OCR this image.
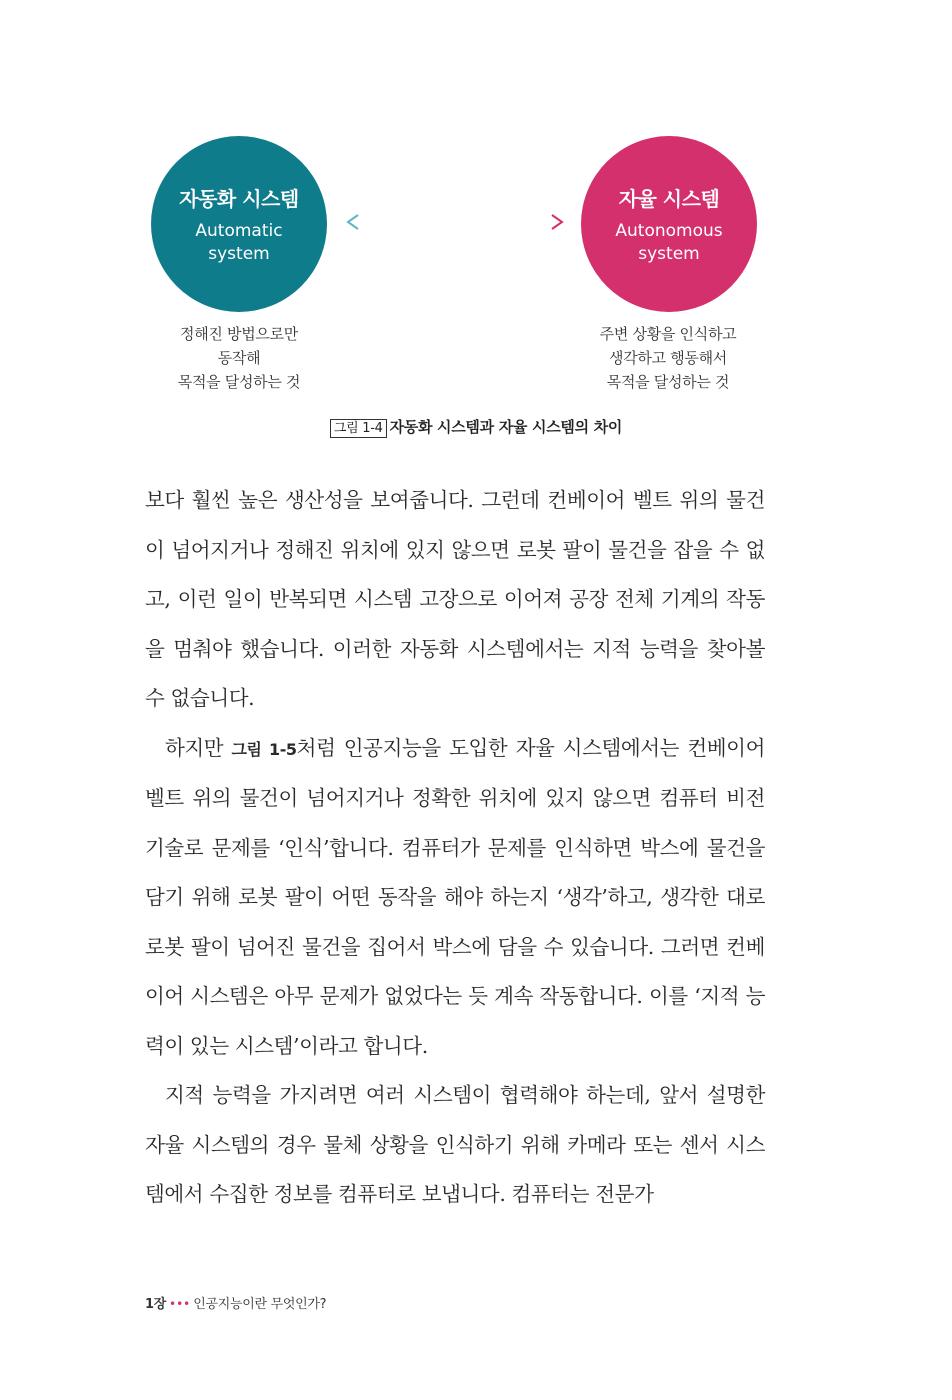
자동화 시스템
Automatic
system
자율 시스템
Autonomous
system
정해진 방법으로만
동작해
목적을 달성하는 것
주변 상황을 인식하고
생각하고 행동해서
목적을 달성하는 것
그림 1-4 자동화 시스템과 자율 시스템의 차이

보다 훨씬 높은 생산성을 보여줍니다. 그런데 컨베이어 벨트 위의 물건이 넘어지거나 정해진 위치에 있지 않으면 로봇 팔이 물건을 잡을 수 없고, 이런 일이 반복되면 시스템 고장으로 이어져 공장 전체 기계의 작동을 멈춰야 했습니다. 이러한 자동화 시스템에서는 지적 능력을 찾아볼 수 없습니다.

하지만 그림 1-5처럼 인공지능을 도입한 자율 시스템에서는 컨베이어 벨트 위의 물건이 넘어지거나 정확한 위치에 있지 않으면 컴퓨터 비전 기술로 문제를 ‘인식’합니다. 컴퓨터가 문제를 인식하면 박스에 물건을 담기 위해 로봇 팔이 어떤 동작을 해야 하는지 ‘생각’하고, 생각한 대로 로봇 팔이 넘어진 물건을 집어서 박스에 담을 수 있습니다. 그러면 컨베이어 시스템은 아무 문제가 없었다는 듯 계속 작동합니다. 이를 ‘지적 능력이 있는 시스템’이라고 합니다.

지적 능력을 가지려면 여러 시스템이 협력해야 하는데, 앞서 설명한 자율 시스템의 경우 물체 상황을 인식하기 위해 카메라 또는 센서 시스템에서 수집한 정보를 컴퓨터로 보냅니다. 컴퓨터는 전문가

1장 ••• 인공지능이란 무엇인가?
